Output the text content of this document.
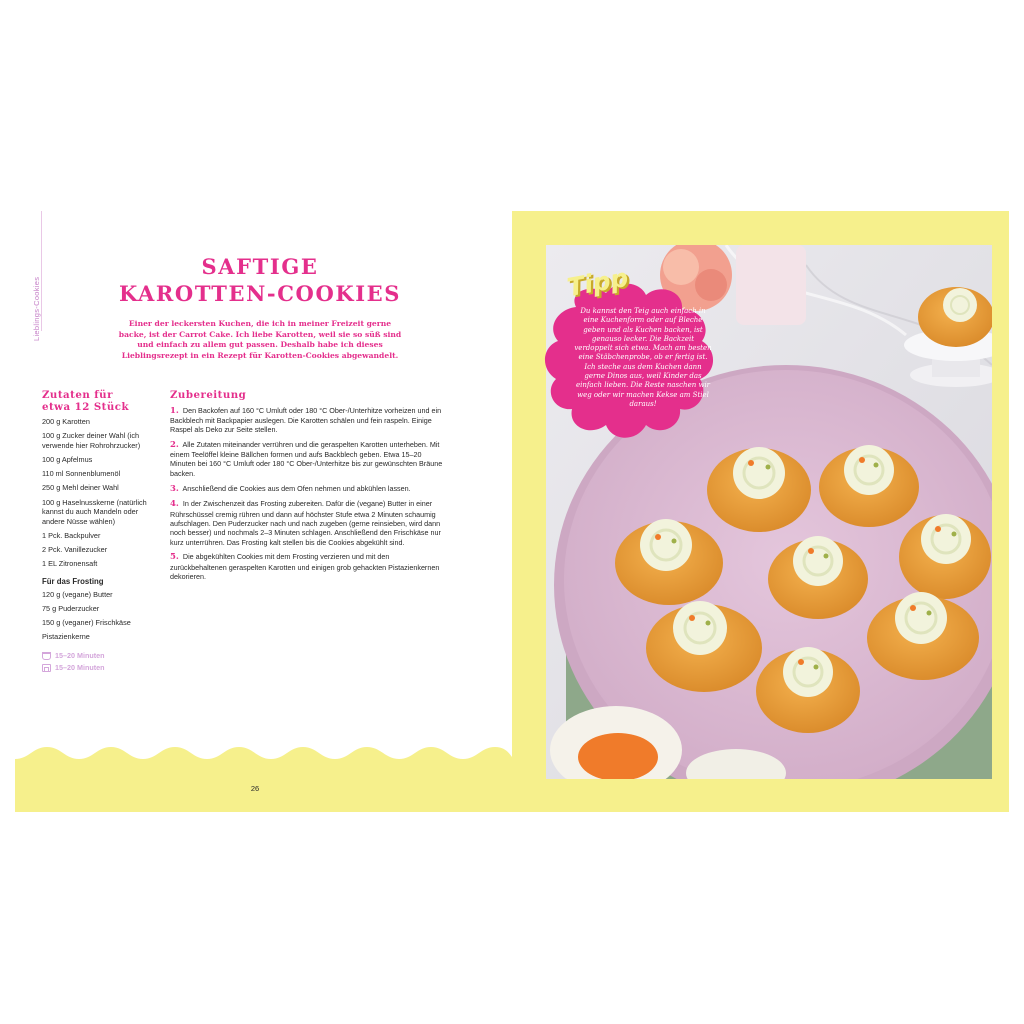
Lieblings-Cookies
SAFTIGE
KAROTTEN-COOKIES

Einer der leckersten Kuchen, die ich in meiner Freizeit gerne backe, ist der Carrot Cake. Ich liebe Karotten, weil sie so süß sind und einfach zu allem gut passen. Deshalb habe ich dieses Lieblingsrezept in ein Rezept für Karotten-Cookies abgewandelt.

Zutaten für
etwa 12 Stück
200 g Karotten
100 g Zucker deiner Wahl (ich verwende hier Rohrohrzucker)
100 g Apfelmus
110 ml Sonnenblumenöl
250 g Mehl deiner Wahl
100 g Haselnusskerne (natürlich kannst du auch Mandeln oder andere Nüsse wählen)
1 Pck. Backpulver
2 Pck. Vanillezucker
1 EL Zitronensaft
Für das Frosting
120 g (vegane) Butter
75 g Puderzucker
150 g (veganer) Frischkäse
Pistazienkerne
15–20 Minuten
15–20 Minuten
Zubereitung
1. Den Backofen auf 160 °C Umluft oder 180 °C Ober-/Unterhitze vorheizen und ein Backblech mit Backpapier auslegen. Die Karotten schälen und fein raspeln. Einige Raspel als Deko zur Seite stellen.
2. Alle Zutaten miteinander verrühren und die geraspelten Karotten unterheben. Mit einem Teelöffel kleine Bällchen formen und aufs Backblech geben. Etwa 15–20 Minuten bei 160 °C Umluft oder 180 °C Ober-/Unterhitze bis zur gewünschten Bräune backen.
3. Anschließend die Cookies aus dem Ofen nehmen und abkühlen lassen.
4. In der Zwischenzeit das Frosting zubereiten. Dafür die (vegane) Butter in einer Rührschüssel cremig rühren und dann auf höchster Stufe etwa 2 Minuten schaumig aufschlagen. Den Puderzucker nach und nach zugeben (gerne reinsieben, wird dann noch besser) und nochmals 2–3 Minuten schlagen. Anschließend den Frischkäse nur kurz unterrühren. Das Frosting kalt stellen bis die Cookies abgekühlt sind.
5. Die abgekühlten Cookies mit dem Frosting verzieren und mit den zurückbehaltenen geraspelten Karotten und einigen grob gehackten Pistazienkernen dekorieren.
26
Tipp

Du kannst den Teig auch einfach in eine Kuchenform oder auf Bleche geben und als Kuchen backen, ist genauso lecker. Die Backzeit verdoppelt sich etwa. Mach am besten eine Stäbchenprobe, ob er fertig ist. Ich steche aus dem Kuchen dann gerne Dinos aus, weil Kinder das einfach lieben. Die Reste naschen wir weg oder wir machen Kekse am Stiel daraus!
